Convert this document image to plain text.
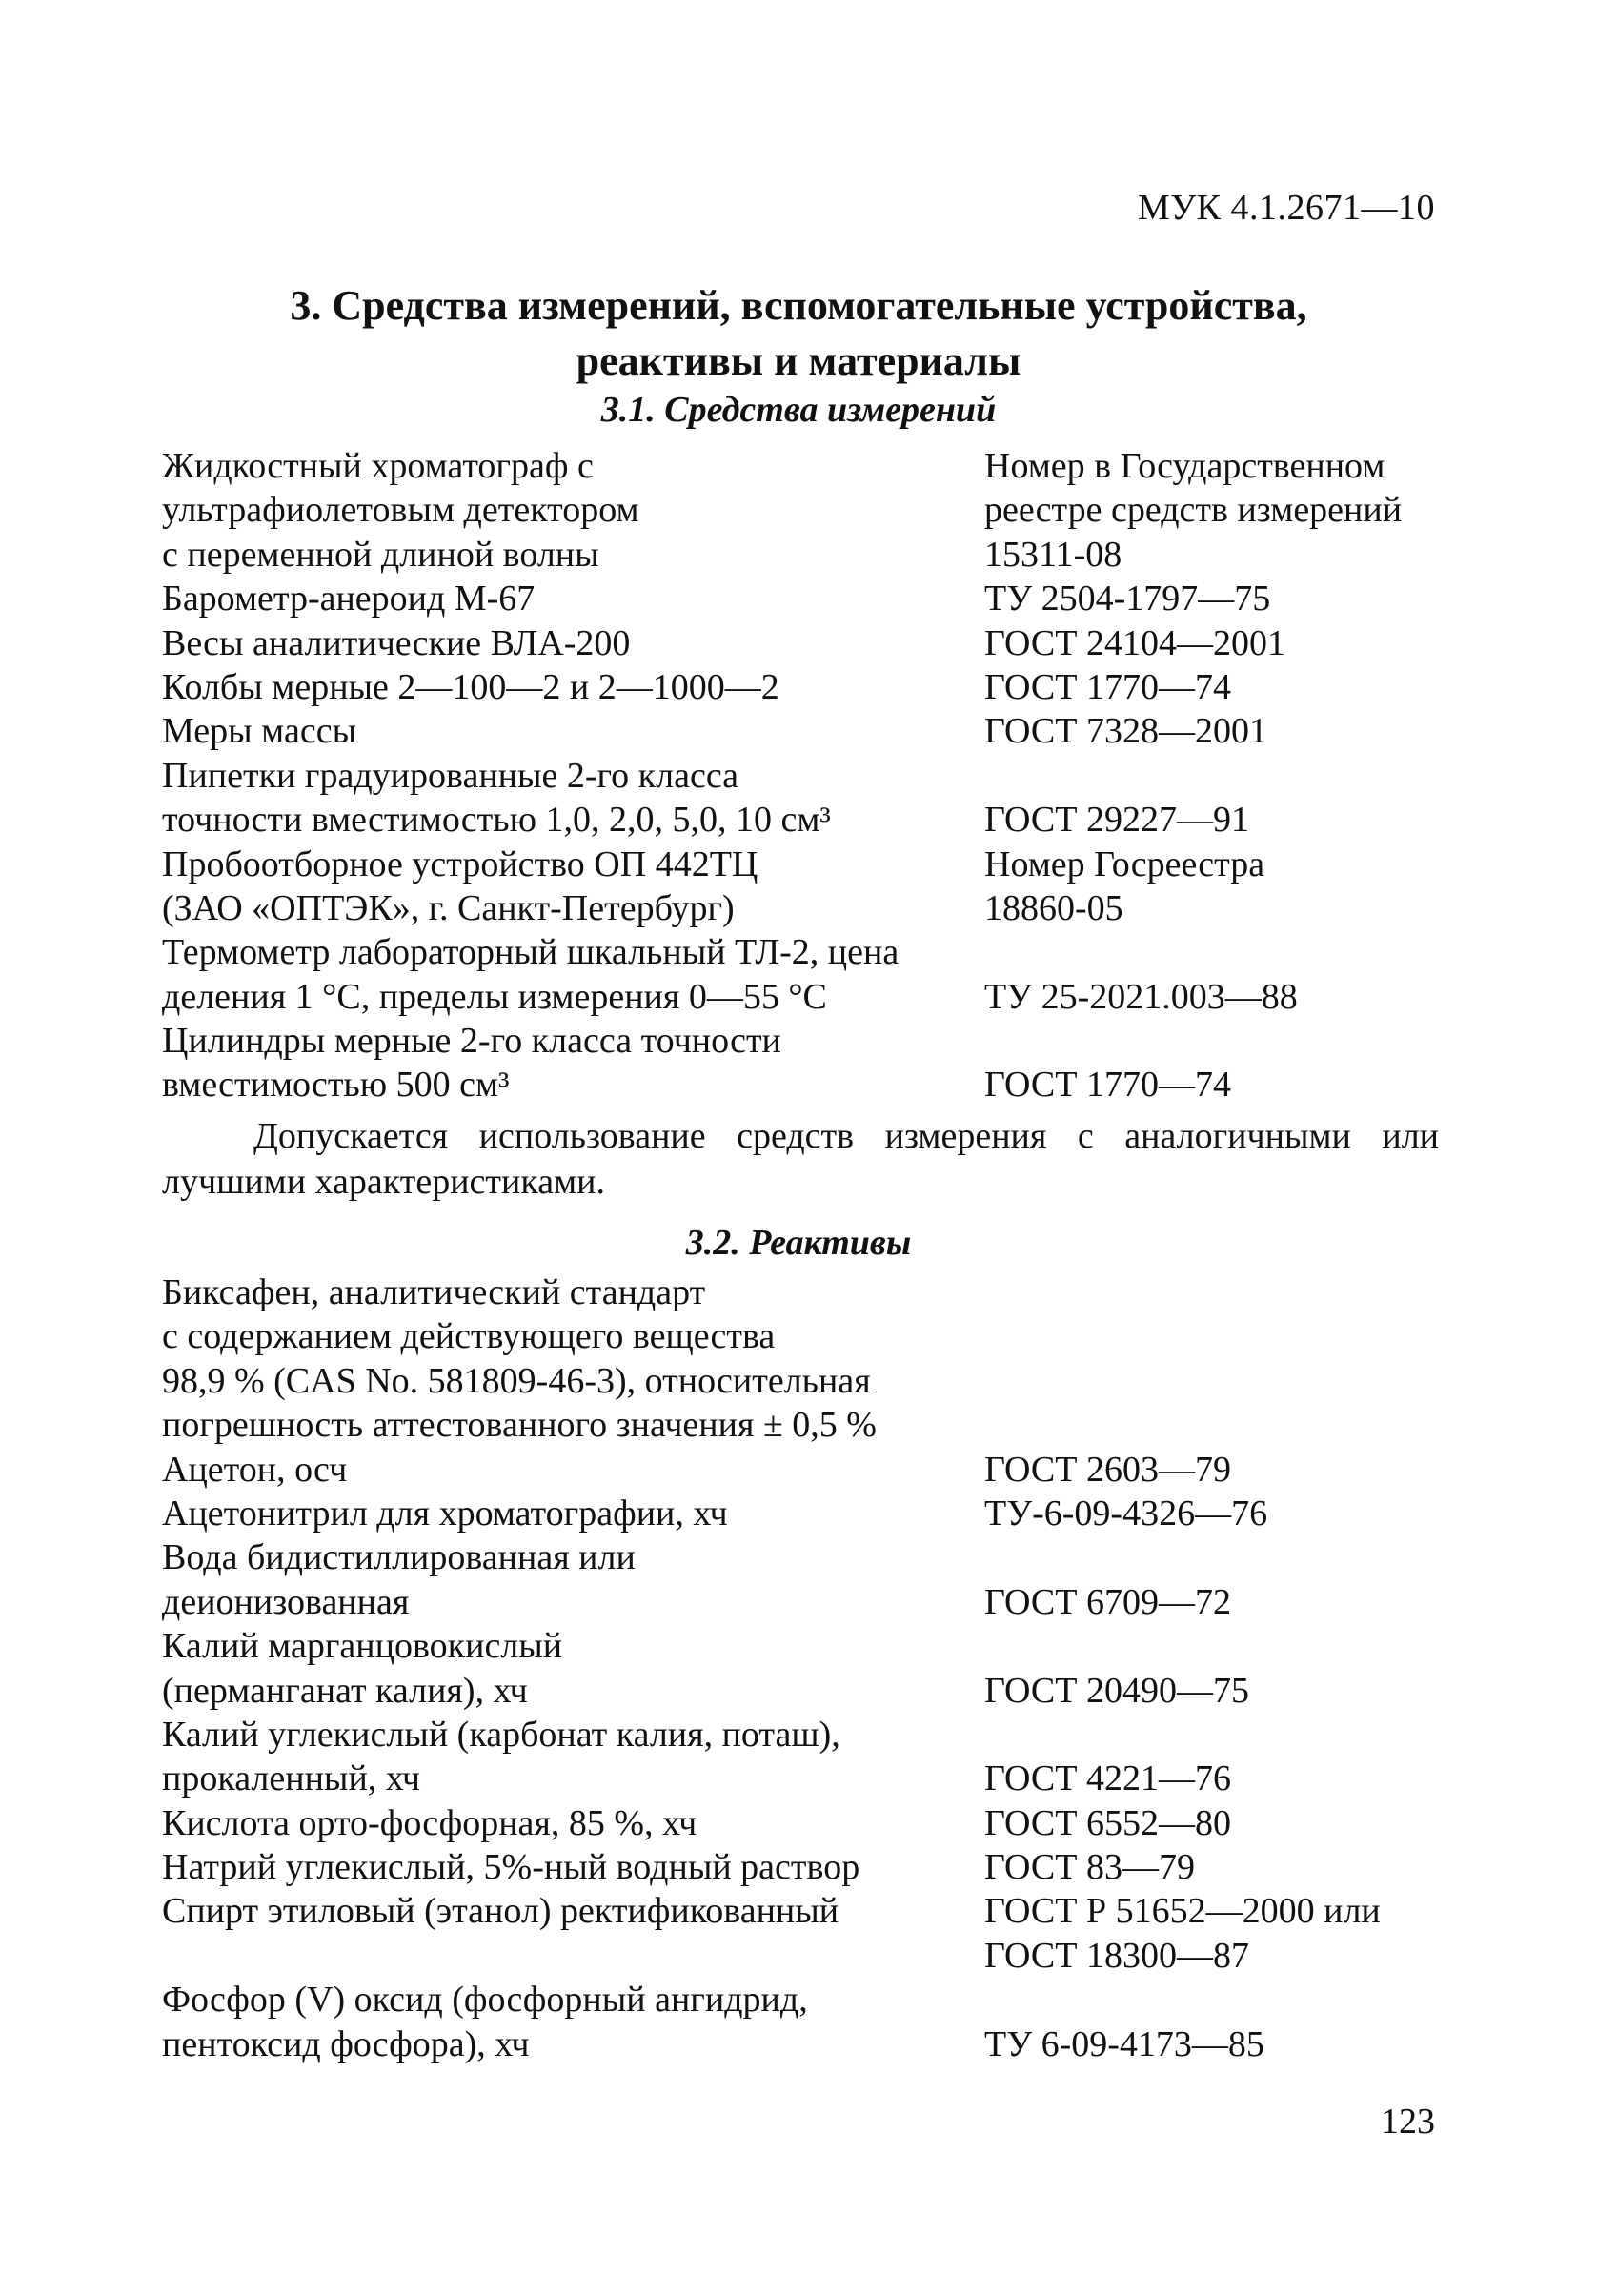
МУК 4.1.2671—10
3. Средства измерений, вспомогательные устройства,
реактивы и материалы
3.1. Средства измерений
Жидкостный хроматограф с	Номер в Государственном
ультрафиолетовым детектором	реестре средств измерений
с переменной длиной волны	15311-08
Барометр-анероид М-67	ТУ 2504-1797—75
Весы аналитические ВЛА-200	ГОСТ 24104—2001
Колбы мерные 2—100—2 и 2—1000—2	ГОСТ 1770—74
Меры массы	ГОСТ 7328—2001
Пипетки градуированные 2-го класса
точности вместимостью 1,0, 2,0, 5,0, 10 см³	ГОСТ 29227—91
Пробоотборное устройство ОП 442ТЦ	Номер Госреестра
(ЗАО «ОПТЭК», г. Санкт-Петербург)	18860-05
Термометр лабораторный шкальный ТЛ-2, цена
деления 1 °С, пределы измерения 0—55 °С	ТУ 25-2021.003—88
Цилиндры мерные 2-го класса точности
вместимостью 500 см³	ГОСТ 1770—74
Допускается использование средств измерения с аналогичными или лучшими характеристиками.
3.2. Реактивы
Биксафен, аналитический стандарт
с содержанием действующего вещества
98,9 % (CAS No. 581809-46-3), относительная
погрешность аттестованного значения ± 0,5 %
Ацетон, осч	ГОСТ 2603—79
Ацетонитрил для хроматографии, хч	ТУ-6-09-4326—76
Вода бидистиллированная или
деионизованная	ГОСТ 6709—72
Калий марганцовокислый
(перманганат калия), хч	ГОСТ 20490—75
Калий углекислый (карбонат калия, поташ),
прокаленный, хч	ГОСТ 4221—76
Кислота орто-фосфорная, 85 %, хч	ГОСТ 6552—80
Натрий углекислый, 5%-ный водный раствор	ГОСТ 83—79
Спирт этиловый (этанол) ректификованный	ГОСТ Р 51652—2000 или
ГОСТ 18300—87
Фосфор (V) оксид (фосфорный ангидрид,
пентоксид фосфора), хч	ТУ 6-09-4173—85
123
